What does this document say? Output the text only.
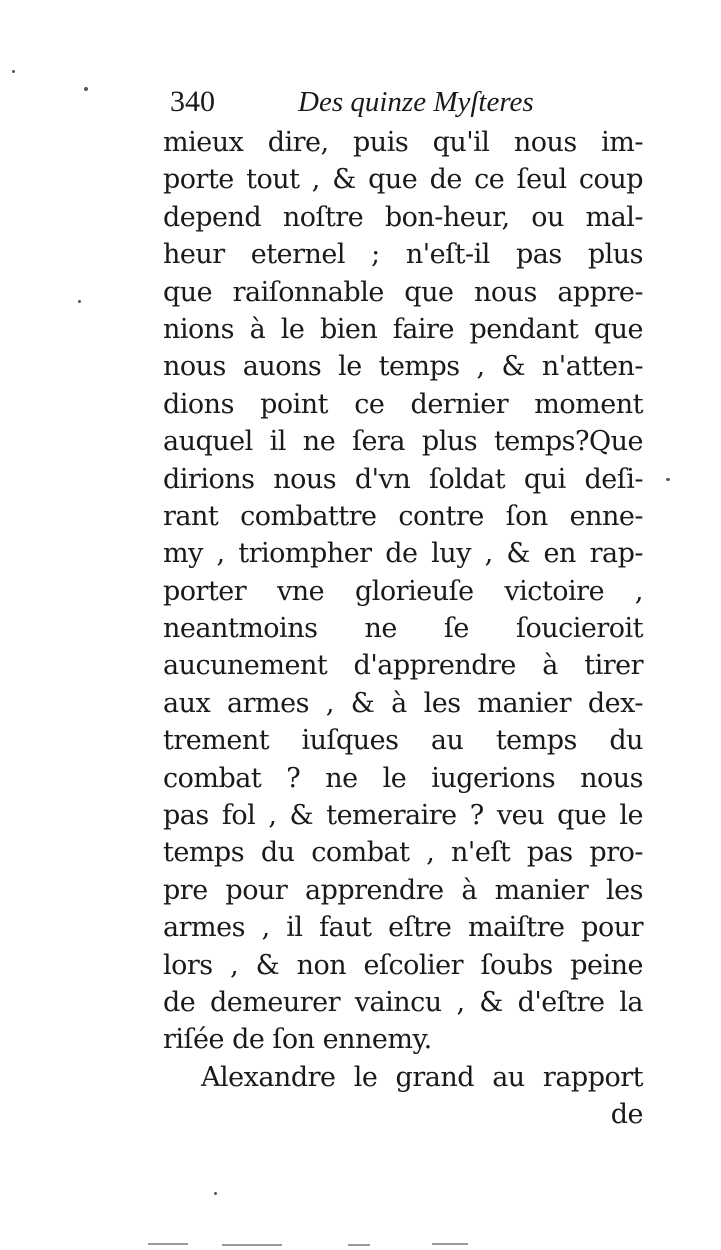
340	Des quinze Myſteres
mieux dire, puis qu'il nous im-
porte tout , & que de ce ſeul coup
depend noſtre bon-heur, ou mal-
heur eternel ; n'eſt-il pas plus
que raiſonnable que nous appre-
nions à le bien faire pendant que
nous auons le temps , & n'atten-
dions point ce dernier moment
auquel il ne ſera plus temps?Que
dirions nous d'vn ſoldat qui deſi-
rant combattre contre ſon enne-
my , triompher de luy , & en rap-
porter vne glorieuſe victoire ,
neantmoins ne ſe ſoucieroit
aucunement d'apprendre à tirer
aux armes , & à les manier dex-
trement iuſques au temps du
combat ? ne le iugerions nous
pas fol , & temeraire ? veu que le
temps du combat , n'eſt pas pro-
pre pour apprendre à manier les
armes , il faut eſtre maiſtre pour
lors , & non eſcolier ſoubs peine
de demeurer vaincu , & d'eſtre la
riſée de ſon ennemy.
Alexandre le grand au rapport
de
